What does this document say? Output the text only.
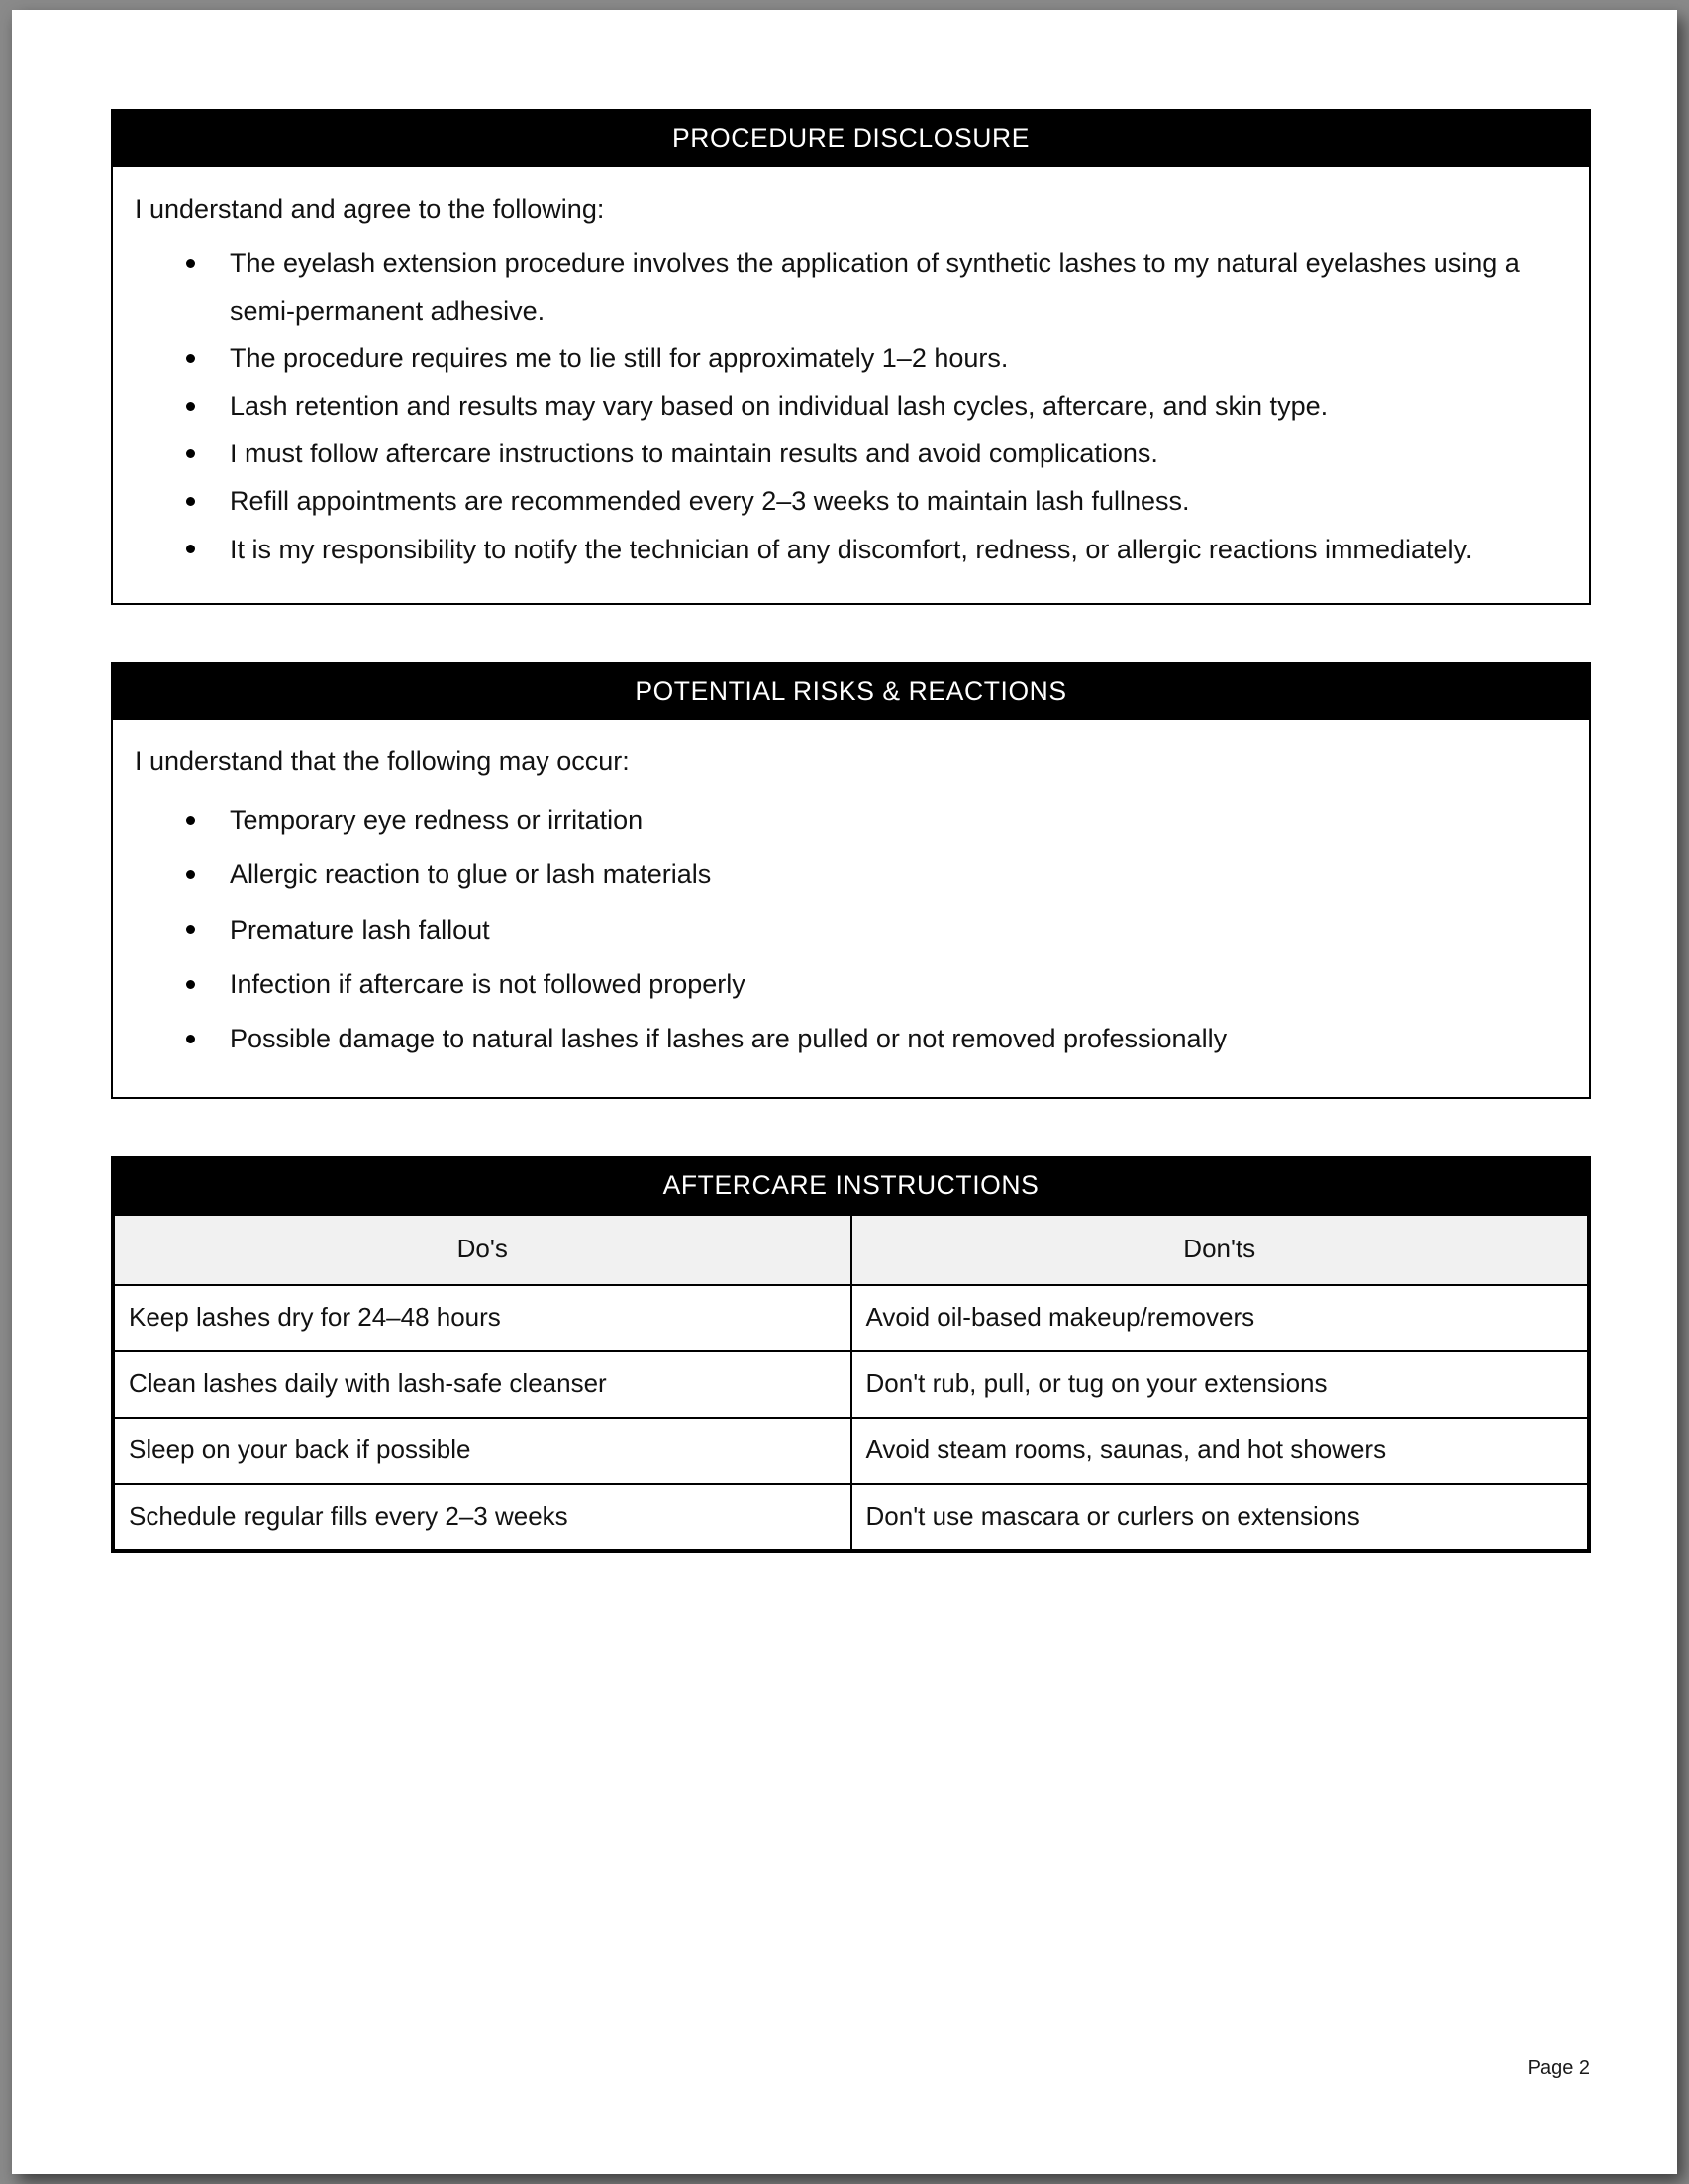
PROCEDURE DISCLOSURE

I understand and agree to the following:

The eyelash extension procedure involves the application of synthetic lashes to my natural eyelashes using a semi-permanent adhesive.
The procedure requires me to lie still for approximately 1–2 hours.
Lash retention and results may vary based on individual lash cycles, aftercare, and skin type.
I must follow aftercare instructions to maintain results and avoid complications.
Refill appointments are recommended every 2–3 weeks to maintain lash fullness.
It is my responsibility to notify the technician of any discomfort, redness, or allergic reactions immediately.
POTENTIAL RISKS & REACTIONS

I understand that the following may occur:

Temporary eye redness or irritation
Allergic reaction to glue or lash materials
Premature lash fallout
Infection if aftercare is not followed properly
Possible damage to natural lashes if lashes are pulled or not removed professionally
AFTERCARE INSTRUCTIONS
Do's	Don'ts
Keep lashes dry for 24–48 hours	Avoid oil-based makeup/removers
Clean lashes daily with lash-safe cleanser	Don't rub, pull, or tug on your extensions
Sleep on your back if possible	Avoid steam rooms, saunas, and hot showers
Schedule regular fills every 2–3 weeks	Don't use mascara or curlers on extensions
Page 2
